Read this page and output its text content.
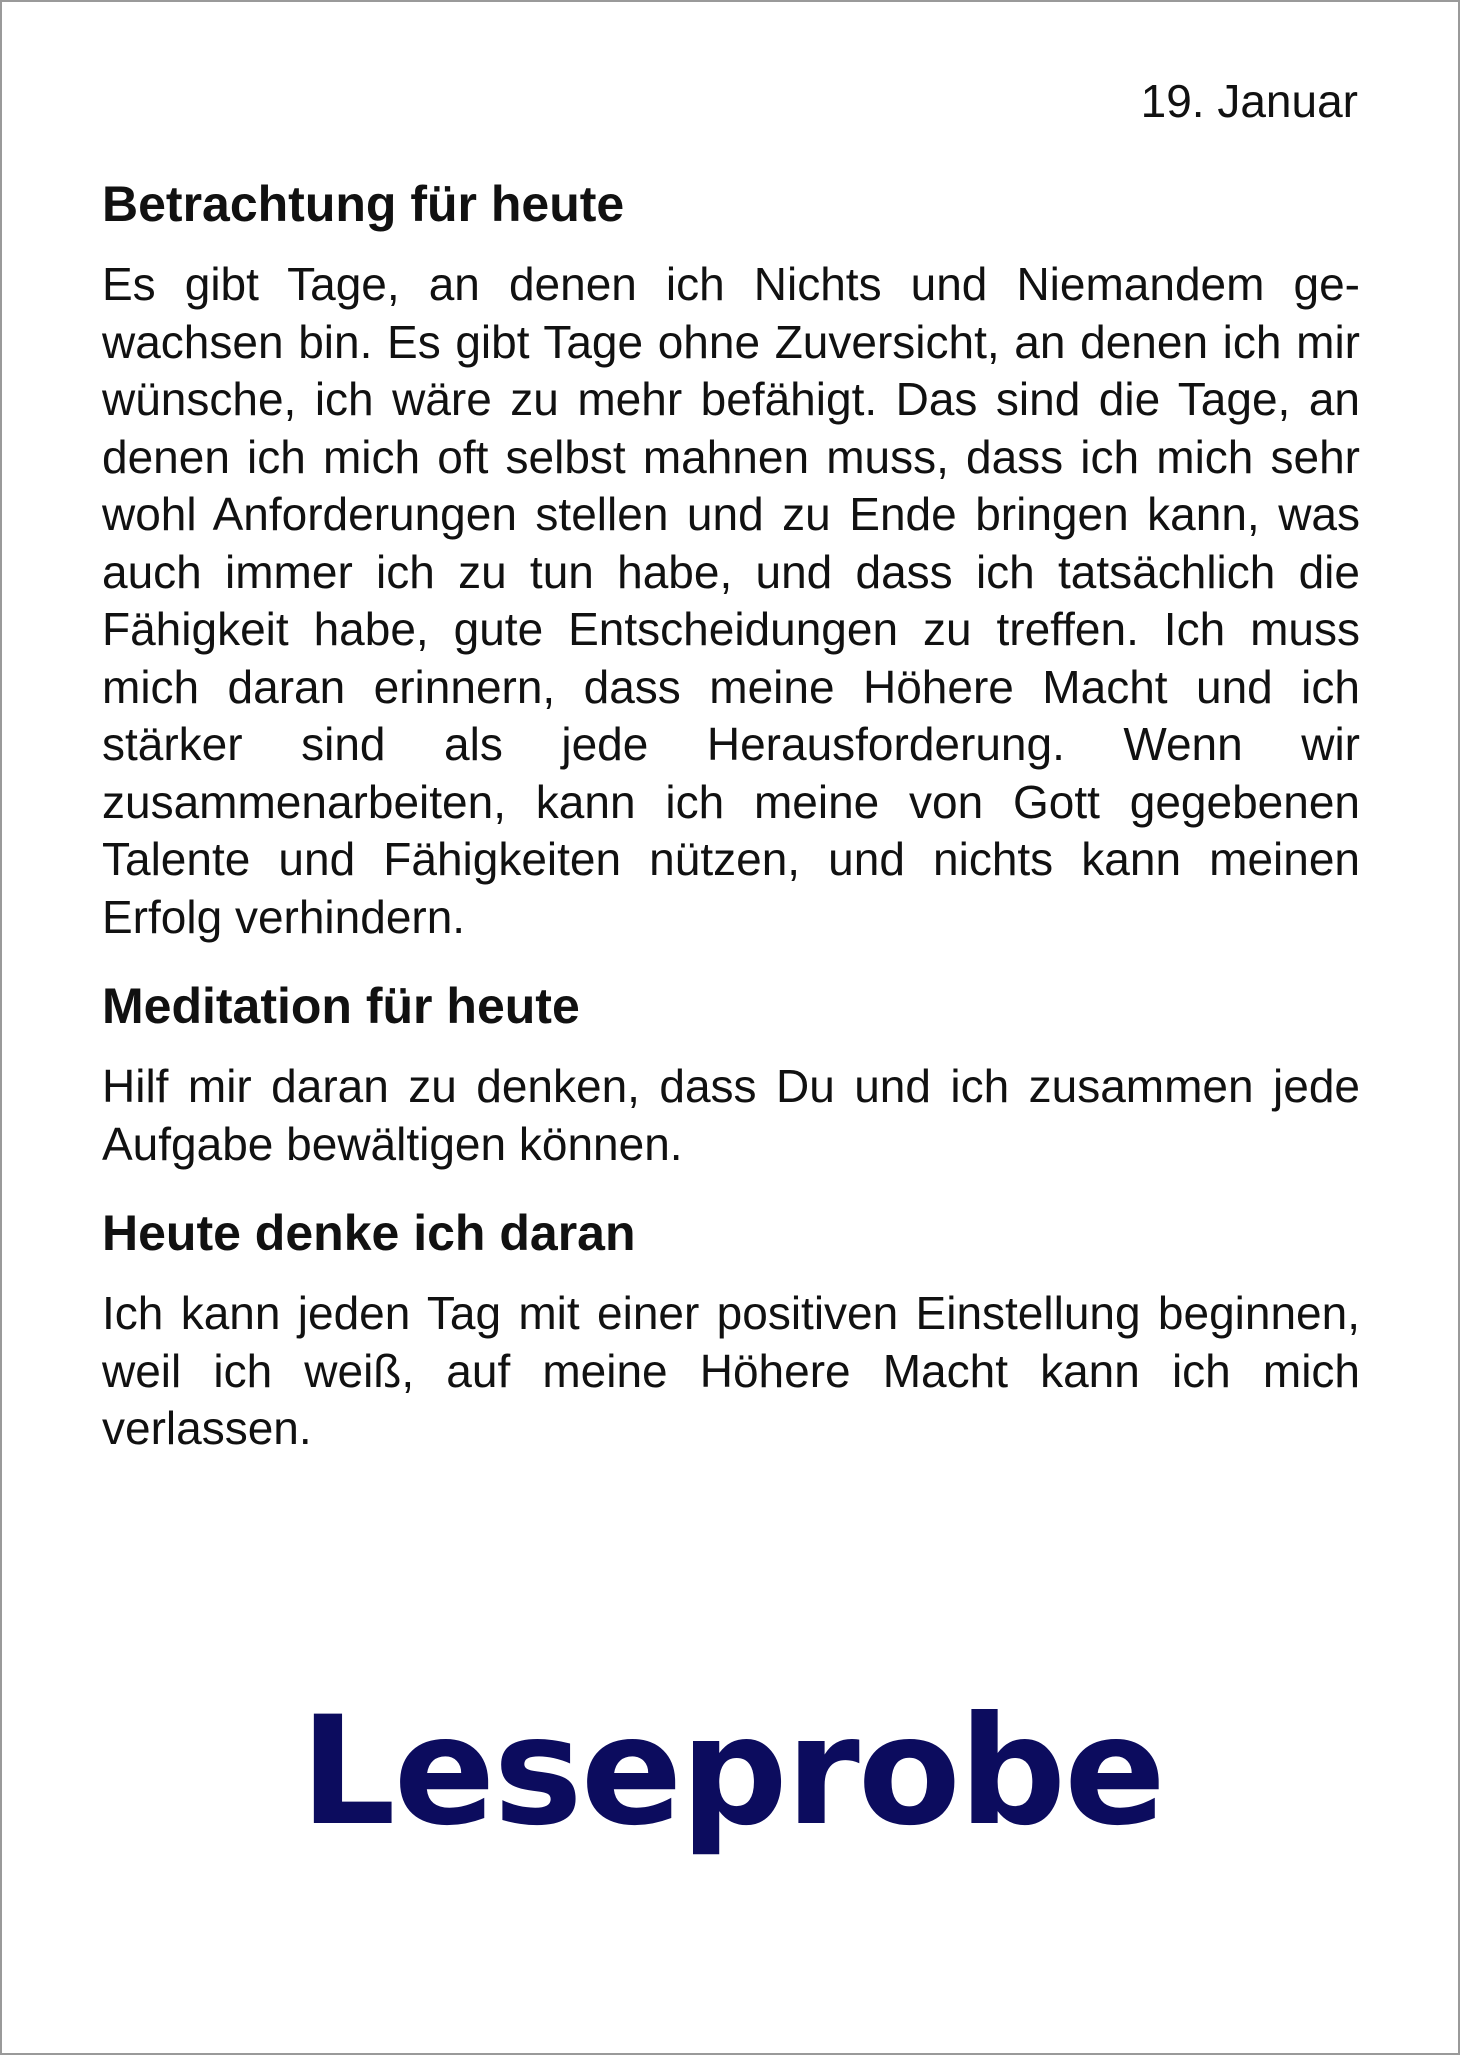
19. Januar
Betrachtung für heute
Es gibt Tage, an denen ich Nichts und Niemandem gewachsen bin. Es gibt Tage ohne Zuversicht, an denen ich mir wünsche, ich wäre zu mehr befähigt. Das sind die Tage, an denen ich mich oft selbst mahnen muss, dass ich mich sehr wohl Anforderungen stellen und zu Ende bringen kann, was auch immer ich zu tun habe, und dass ich tatsächlich die Fähigkeit habe, gute Entscheidungen zu treffen. Ich muss mich daran erinnern, dass meine Höhere Macht und ich stärker sind als jede Herausforderung. Wenn wir zusammenarbeiten, kann ich meine von Gott gegebenen Talente und Fähigkeiten nützen, und nichts kann meinen Erfolg verhindern.
Meditation für heute
Hilf mir daran zu denken, dass Du und ich zusammen jede Aufgabe bewältigen können.
Heute denke ich daran
Ich kann jeden Tag mit einer positiven Einstellung beginnen, weil ich weiß, auf meine Höhere Macht kann ich mich verlassen.
Leseprobe
